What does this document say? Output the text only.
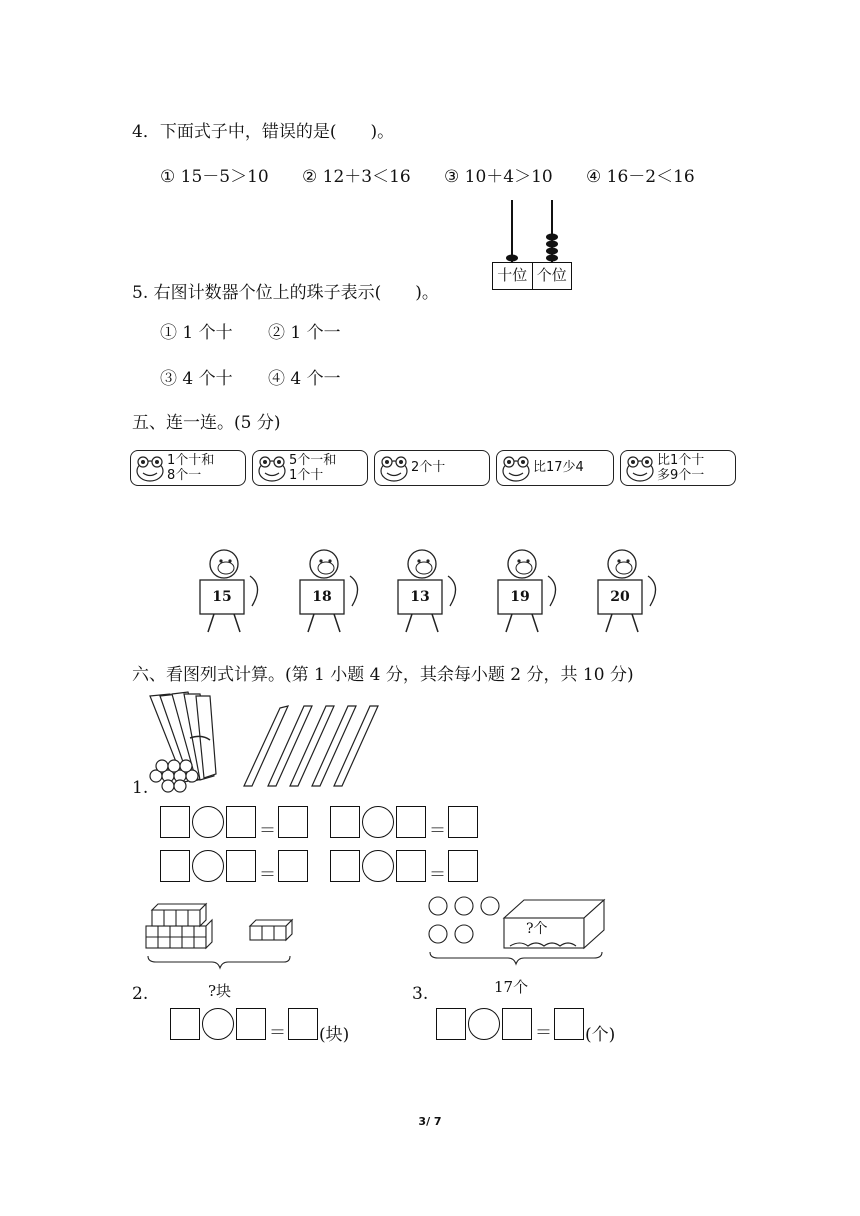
4．下面式子中，错误的是(　　)。
① 15－5＞10 ② 12＋3＜16 ③ 10＋4＞10 ④ 16－2＜16
5. 右图计数器个位上的珠子表示(　　)。
十位 个位
① 1 个十 ② 1 个一
③ 4 个十 ④ 4 个一
五、连一连。(5 分)
1个十和
8个一
5个一和
1个十
2个十	比17少4	比1个十
多9个一
15	18	13	19	20
六、看图列式计算。(第 1 小题 4 分，其余每小题 2 分，共 10 分)
1.
＝	＝
＝	＝
2.	?块
＝ (块)
?个
3.	17个
＝ (个)
3/ 7
